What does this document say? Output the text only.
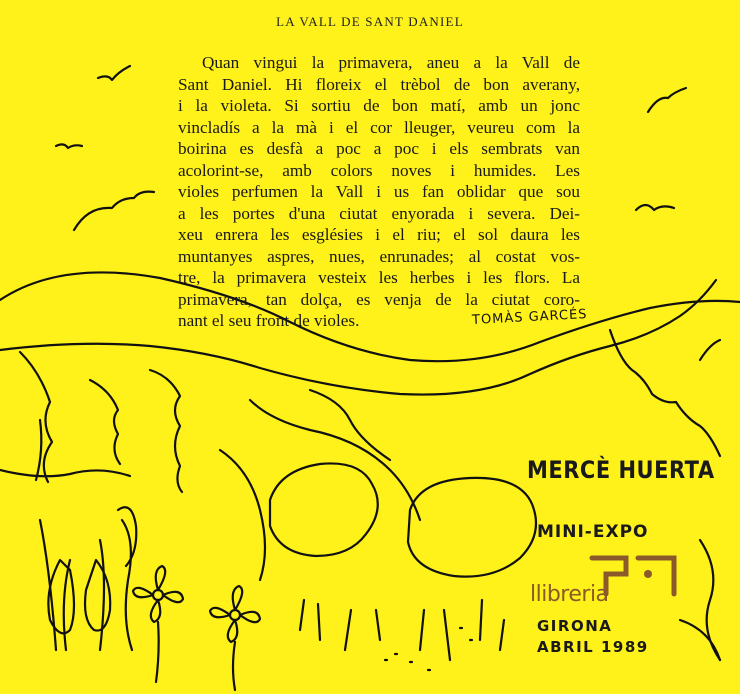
LA VALL DE SANT DANIEL
Quan vingui la primavera, aneu a la Vall de
Sant Daniel. Hi floreix el trèbol de bon averany,
i la violeta. Si sortiu de bon matí, amb un jonc
vincladís a la mà i el cor lleuger, veureu com la
boirina es desfà a poc a poc i els sembrats van
acolorint-se, amb colors noves i humides. Les
violes perfumen la Vall i us fan oblidar que sou
a les portes d'una ciutat enyorada i severa. Dei-
xeu enrera les esglésies i el riu; el sol daura les
muntanyes aspres, nues, enrunades; al costat vos-
tre, la primavera vesteix les herbes i les flors. La
primavera, tan dolça, es venja de la ciutat coro-
nant el seu front de violes.	TOMÀS GARCÉS
MERCÈ HUERTA
MINI-EXPO
llibreria
GIRONA
ABRIL 1989
